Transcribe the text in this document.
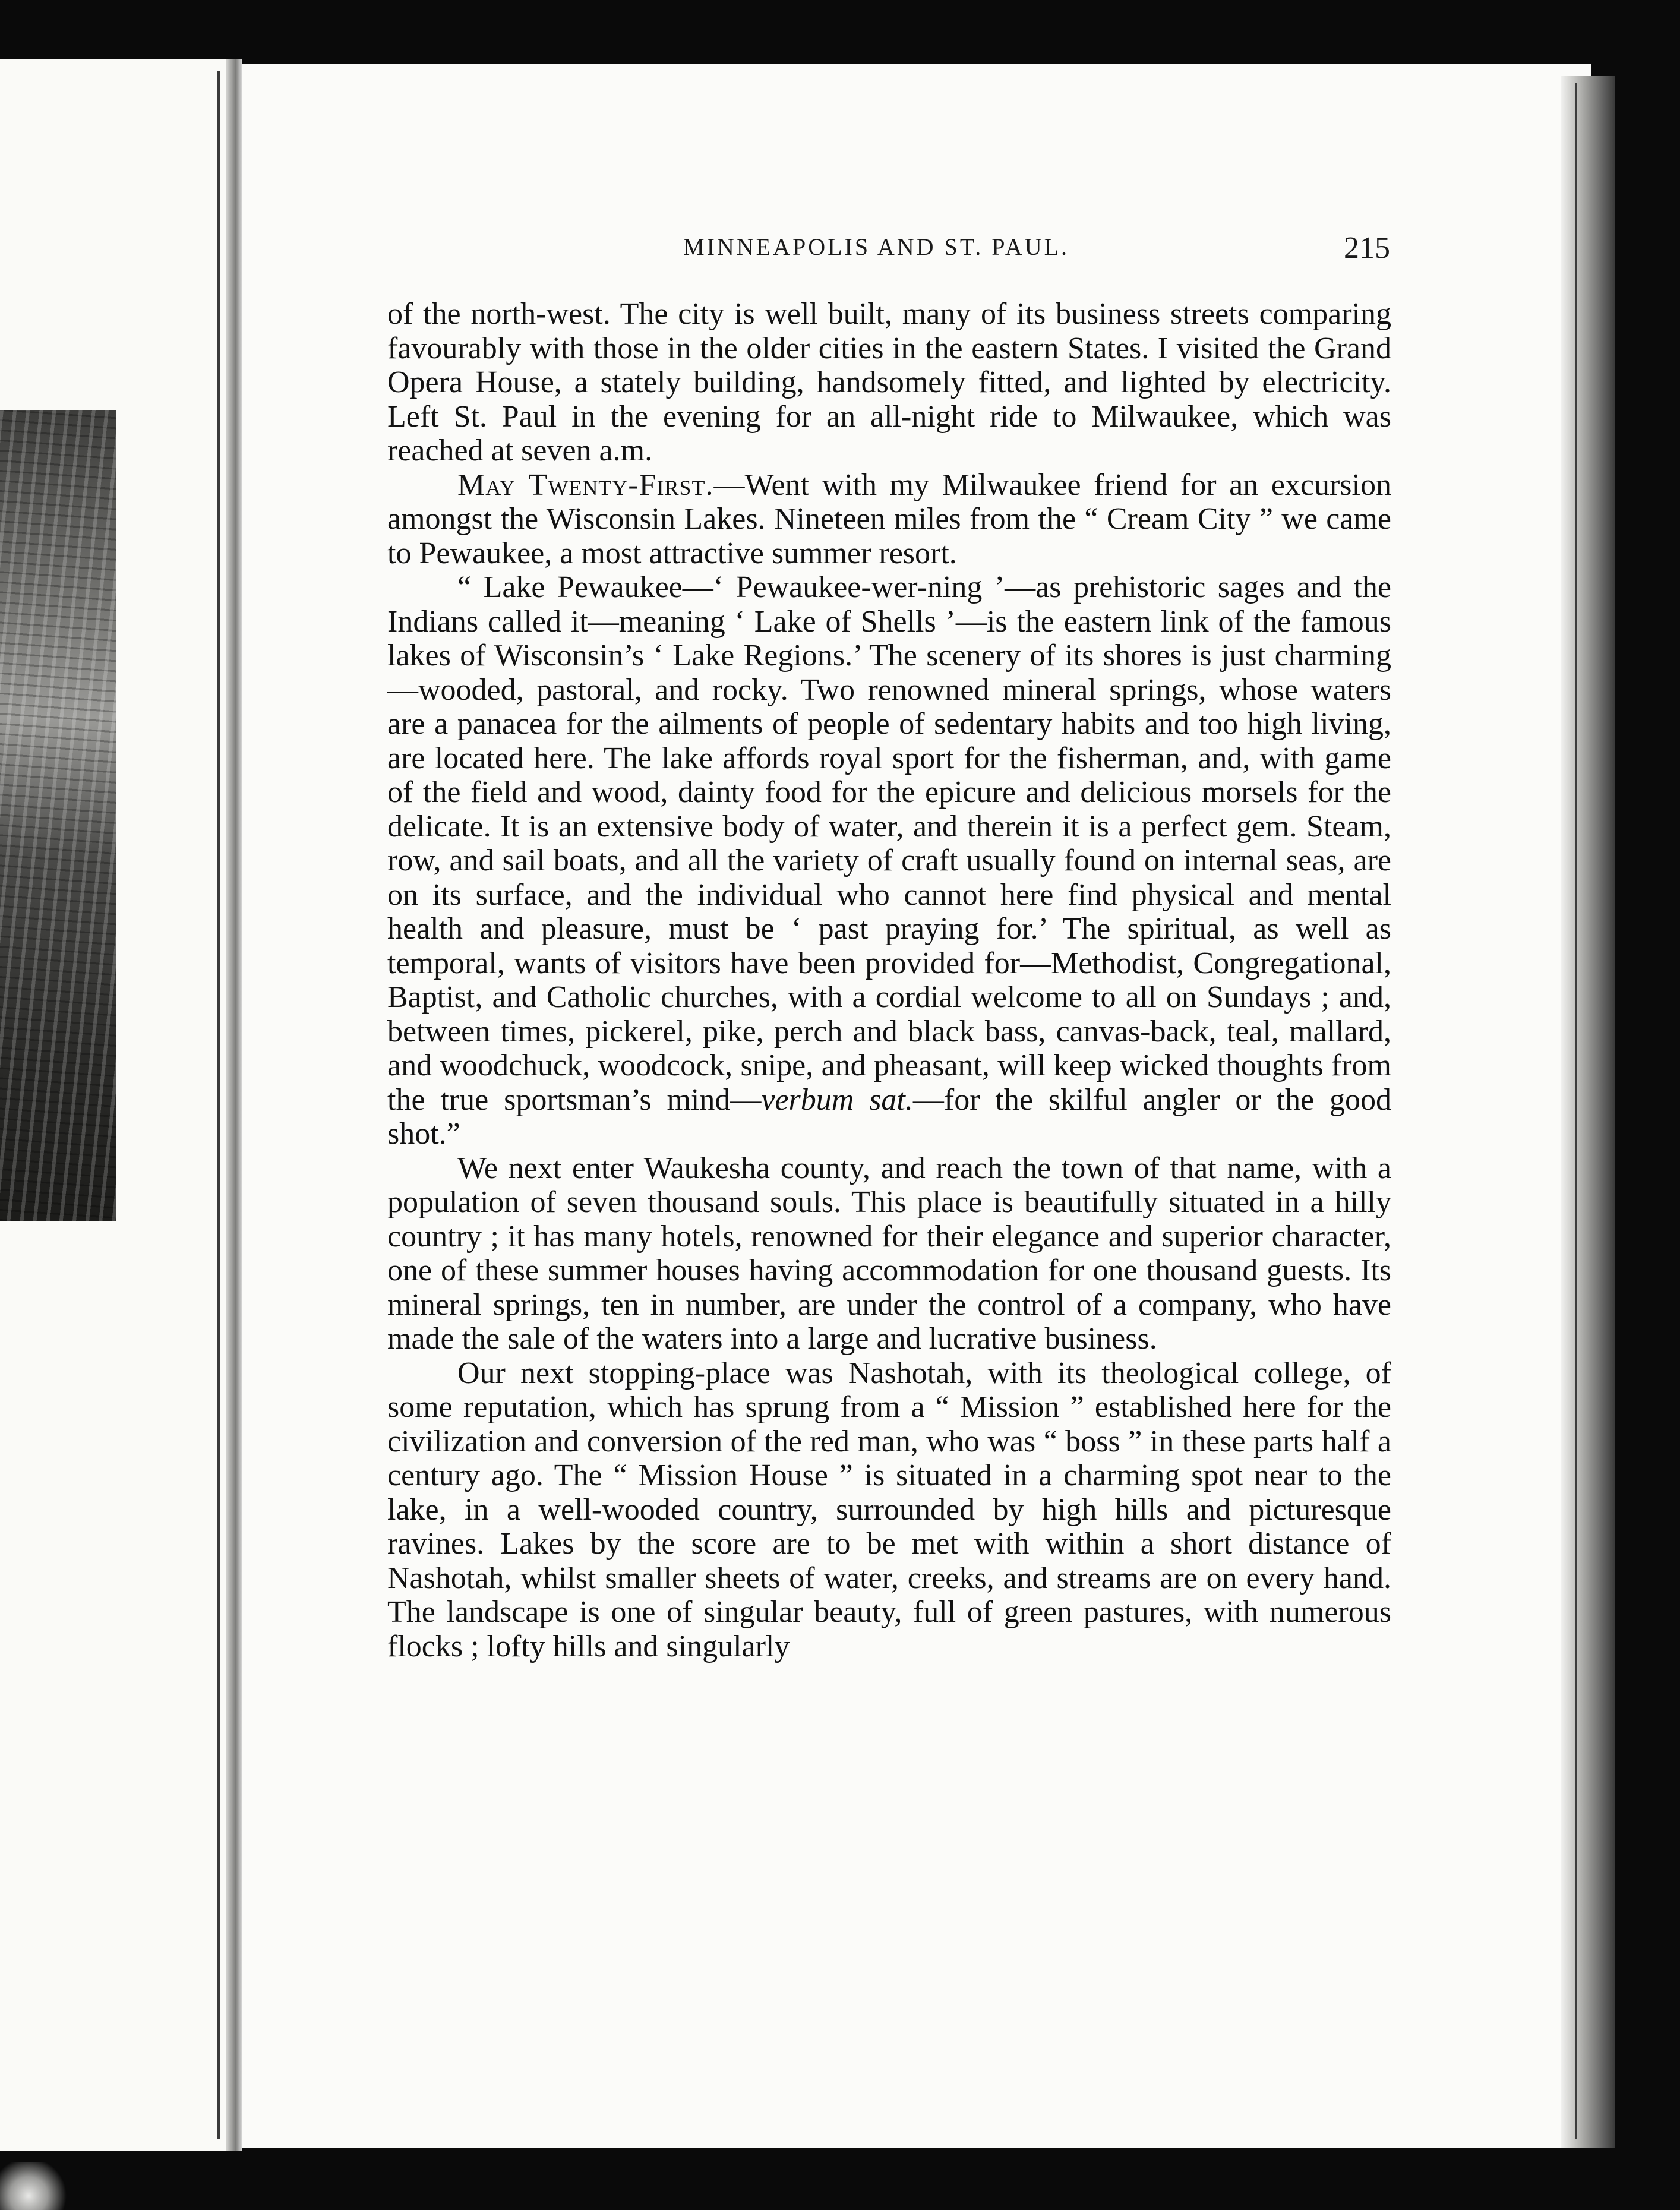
MINNEAPOLIS AND ST. PAUL.	215

of the north-west. The city is well built, many of its business streets comparing favourably with those in the older cities in the eastern States. I visited the Grand Opera House, a stately building, handsomely fitted, and lighted by electricity. Left St. Paul in the evening for an all-night ride to Milwaukee, which was reached at seven a.m.

May Twenty-First.—Went with my Milwaukee friend for an excursion amongst the Wisconsin Lakes. Nineteen miles from the “ Cream City ” we came to Pewaukee, a most attractive summer resort.

“ Lake Pewaukee—‘ Pewaukee-wer-ning ’—as prehistoric sages and the Indians called it—meaning ‘ Lake of Shells ’—is the eastern link of the famous lakes of Wisconsin’s ‘ Lake Regions.’ The scenery of its shores is just charming—wooded, pastoral, and rocky. Two renowned mineral springs, whose waters are a panacea for the ailments of people of sedentary habits and too high living, are located here. The lake affords royal sport for the fisherman, and, with game of the field and wood, dainty food for the epicure and delicious morsels for the delicate. It is an extensive body of water, and therein it is a perfect gem. Steam, row, and sail boats, and all the variety of craft usually found on internal seas, are on its surface, and the individual who cannot here find physical and mental health and pleasure, must be ‘ past praying for.’ The spiritual, as well as temporal, wants of visitors have been provided for—Methodist, Congregational, Baptist, and Catholic churches, with a cordial welcome to all on Sundays ; and, between times, pickerel, pike, perch and black bass, canvas-back, teal, mallard, and woodchuck, woodcock, snipe, and pheasant, will keep wicked thoughts from the true sportsman’s mind—verbum sat.—for the skilful angler or the good shot.”

We next enter Waukesha county, and reach the town of that name, with a population of seven thousand souls. This place is beautifully situated in a hilly country ; it has many hotels, renowned for their elegance and superior character, one of these summer houses having accommodation for one thousand guests. Its mineral springs, ten in number, are under the control of a company, who have made the sale of the waters into a large and lucrative business.

Our next stopping-place was Nashotah, with its theological college, of some reputation, which has sprung from a “ Mission ” established here for the civilization and conversion of the red man, who was “ boss ” in these parts half a century ago. The “ Mission House ” is situated in a charming spot near to the lake, in a well-wooded country, surrounded by high hills and picturesque ravines. Lakes by the score are to be met with within a short distance of Nashotah, whilst smaller sheets of water, creeks, and streams are on every hand. The landscape is one of singular beauty, full of green pastures, with numerous flocks ; lofty hills and singularly
